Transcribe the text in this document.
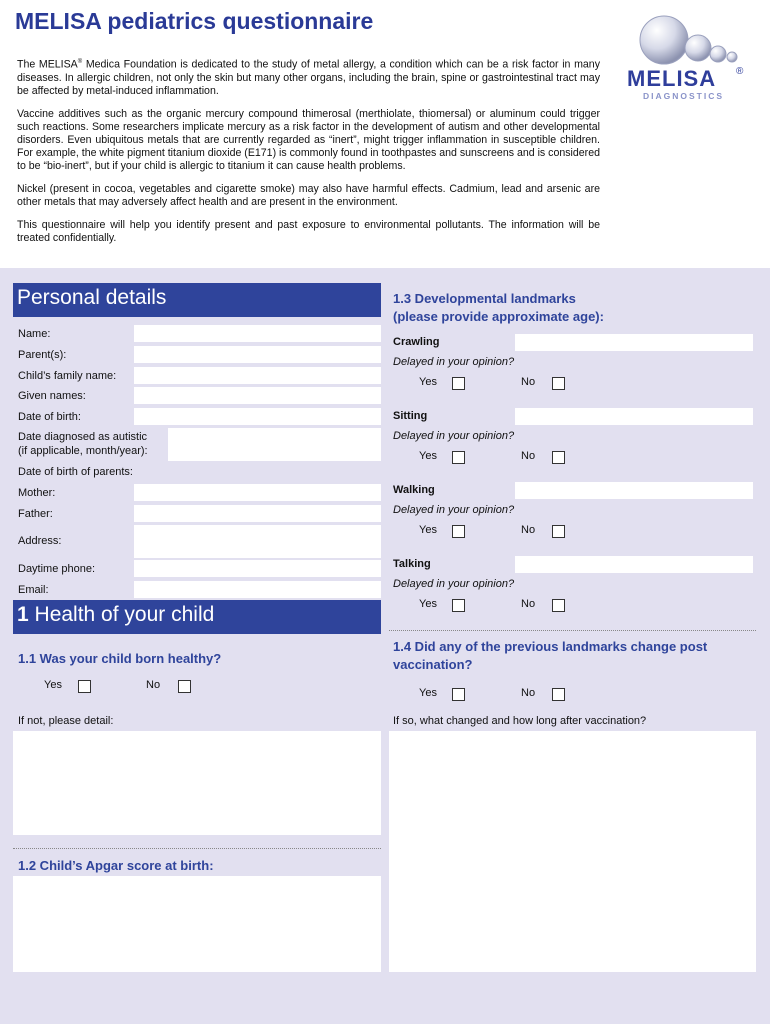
MELISA pediatrics questionnaire

The MELISA® Medica Foundation is dedicated to the study of metal allergy, a condition which can be a risk factor in many diseases. In allergic children, not only the skin but many other organs, including the brain, spine or gastrointestinal tract may be affected by metal-induced inflammation.

Vaccine additives such as the organic mercury compound thimerosal (merthiolate, thiomersal) or aluminum could trigger such reactions. Some researchers implicate mercury as a risk factor in the development of autism and other developmental disorders. Even ubiquitous metals that are currently regarded as “inert”, might trigger inflammation in susceptible children. For example, the white pigment titanium dioxide (E171) is commonly found in toothpastes and sunscreens and is considered to be “bio-inert”, but if your child is allergic to titanium it can cause health problems.

Nickel (present in cocoa, vegetables and cigarette smoke) may also have harmful effects. Cadmium, lead and arsenic are other metals that may adversely affect health and are present in the environment.

This questionnaire will help you identify present and past exposure to environmental pollutants. The information will be treated confidentially.

MELISA ®
DIAGNOSTICS
Personal details
Name:
Parent(s):
Child’s family name:
Given names:
Date of birth:
Date diagnosed as autistic
(if applicable, month/year):
Date of birth of parents:
Mother:
Father:
Address:
Daytime phone:
Email:
1 Health of your child
1.1 Was your child born healthy?
Yes	No
If not, please detail:
1.2 Child’s Apgar score at birth:
1.3 Developmental landmarks
(please provide approximate age):
Crawling
Delayed in your opinion?
Yes	No
Sitting
Delayed in your opinion?
Yes	No
Walking
Delayed in your opinion?
Yes	No
Talking
Delayed in your opinion?
Yes	No
1.4 Did any of the previous landmarks change post
vaccination?
Yes	No
If so, what changed and how long after vaccination?
